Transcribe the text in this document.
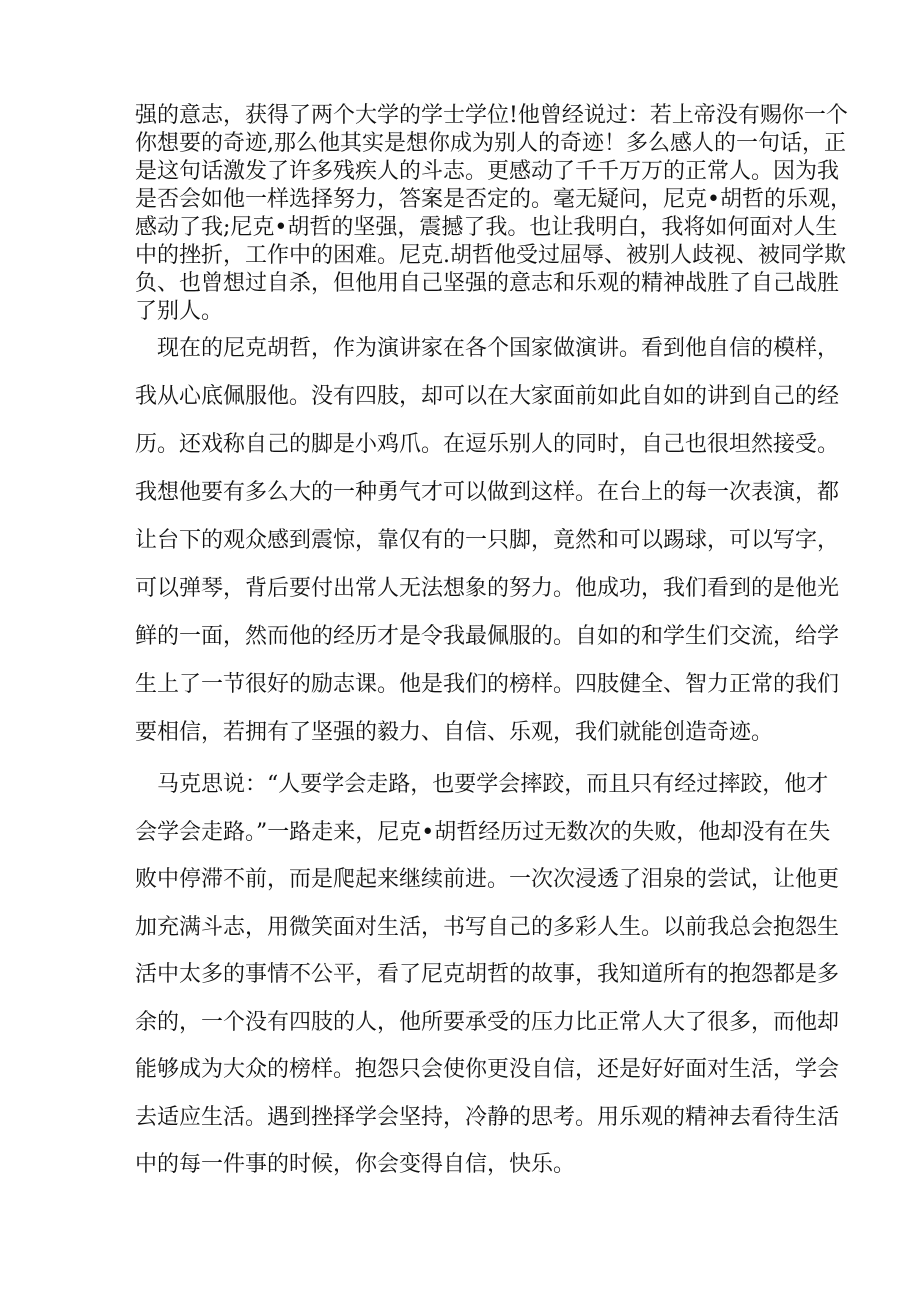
强的意志，获得了两个大学的学士学位!他曾经说过：若上帝没有赐你一个
你想要的奇迹,那么他其实是想你成为别人的奇迹！多么感人的一句话，正
是这句话激发了许多残疾人的斗志。更感动了千千万万的正常人。因为我
是否会如他一样选择努力，答案是否定的。毫无疑问，尼克•胡哲的乐观，
感动了我;尼克•胡哲的坚强，震撼了我。也让我明白，我将如何面对人生
中的挫折，工作中的困难。尼克.胡哲他受过屈辱、被别人歧视、被同学欺
负、也曾想过自杀，但他用自己坚强的意志和乐观的精神战胜了自己战胜
了别人。
现在的尼克胡哲，作为演讲家在各个国家做演讲。看到他自信的模样，
我从心底佩服他。没有四肢，却可以在大家面前如此自如的讲到自己的经
历。还戏称自己的脚是小鸡爪。在逗乐别人的同时，自己也很坦然接受。
我想他要有多么大的一种勇气才可以做到这样。在台上的每一次表演，都
让台下的观众感到震惊，靠仅有的一只脚，竟然和可以踢球，可以写字，
可以弹琴，背后要付出常人无法想象的努力。他成功，我们看到的是他光
鲜的一面，然而他的经历才是令我最佩服的。自如的和学生们交流，给学
生上了一节很好的励志课。他是我们的榜样。四肢健全、智力正常的我们
要相信，若拥有了坚强的毅力、自信、乐观，我们就能创造奇迹。
马克思说：“人要学会走路，也要学会摔跤，而且只有经过摔跤，他才
会学会走路。”一路走来，尼克•胡哲经历过无数次的失败，他却没有在失
败中停滞不前，而是爬起来继续前进。一次次浸透了泪泉的尝试，让他更
加充满斗志，用微笑面对生活，书写自己的多彩人生。以前我总会抱怨生
活中太多的事情不公平，看了尼克胡哲的故事，我知道所有的抱怨都是多
余的，一个没有四肢的人，他所要承受的压力比正常人大了很多，而他却
能够成为大众的榜样。抱怨只会使你更没自信，还是好好面对生活，学会
去适应生活。遇到挫择学会坚持，冷静的思考。用乐观的精神去看待生活
中的每一件事的时候，你会变得自信，快乐。
